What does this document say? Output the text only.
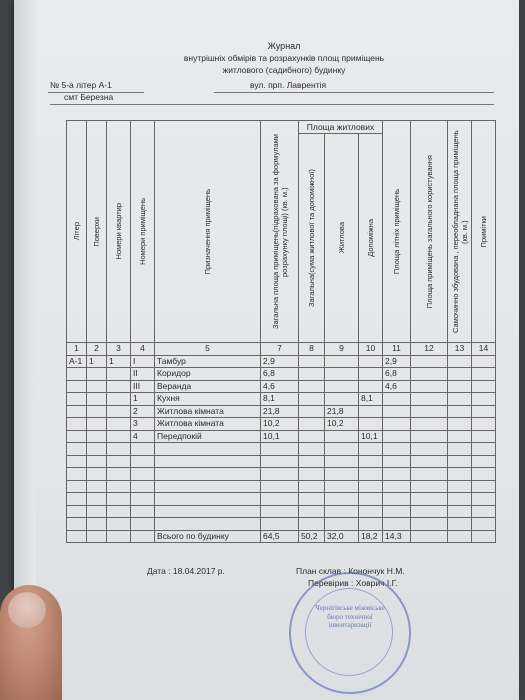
Журнал
внутрішніх обмірів та розрахунків площ приміщень
житлового (садибного) будинку
№ 5-а літер А-1	вул. прп. Лаврентія
смт Березна
Літер	Поверхи	Номери квартир	Номери приміщень	Призначення приміщень	Загальна площа приміщень(підрахована за формулами розрахунку площі) (кв. м.)	Площа житлових			Площа літніх приміщень	Площа приміщень загального користування	Самочинно збудована , переобладнана площа приміщень (кв. м.)	Примітки

						Загальна(сума житлової та допоміжної)	Житлова	Допоміжна				

1	2	3	4	5	7	8	9	10	11	12	13	14
А-1	1	1	I	Тамбур	2,9				2,9			
			II	Коридор	6,8				6,8			
			III	Веранда	4,6				4,6			
			1	Кухня	8,1			8,1				
			2	Житлова кімната	21,8		21,8					
			3	Житлова кімната	10,2		10,2					
			4	Передпокій	10,1			10,1				

				Всього по будинку	64,5	50,2	32,0	18,2	14,3			
Дата : 18.04.2017 р.	План склав : Конончук Н.М.
Перевірив : Ховрич І.Г.
Чернігівське міжміське бюро технічної інвентаризації
